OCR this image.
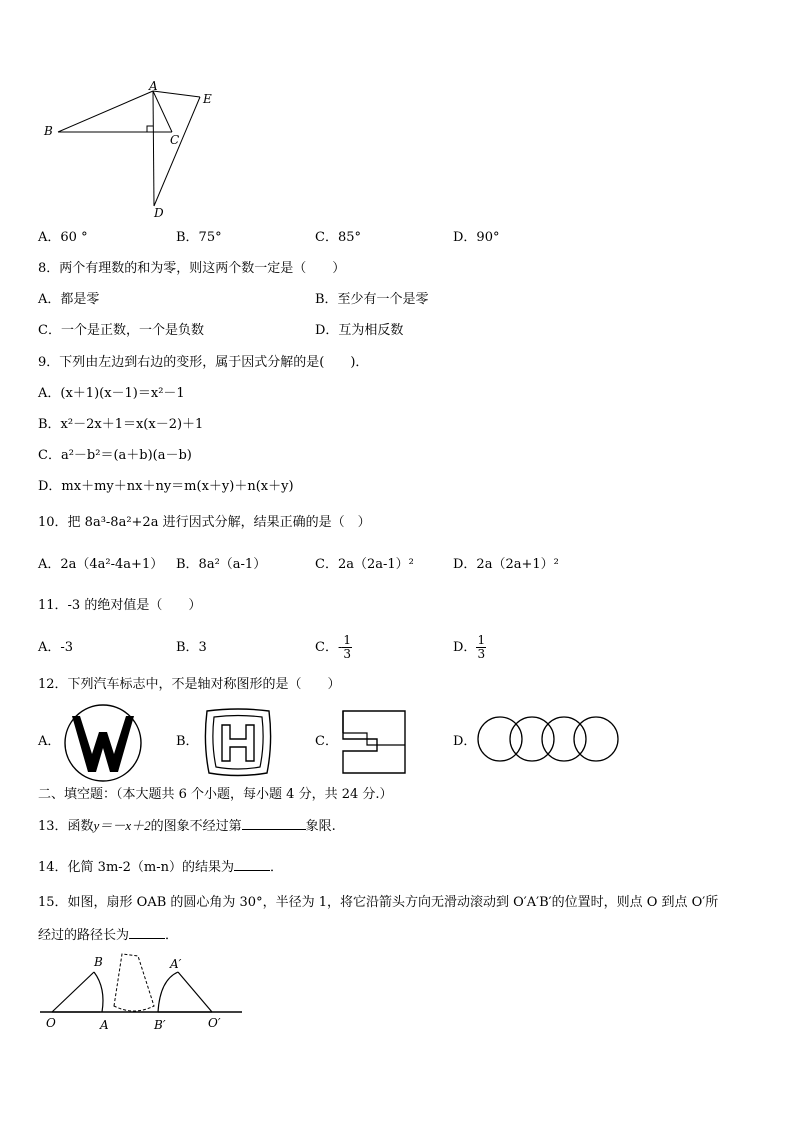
A
B
C
D
E
A．60 °	B．75°	C．85°	D．90°
8．两个有理数的和为零，则这两个数一定是（　　）
A．都是零	B．至少有一个是零
C．一个是正数，一个是负数	D．互为相反数
9．下列由左边到右边的变形，属于因式分解的是(　　)．
A．(x＋1)(x－1)＝x²－1
B．x²－2x＋1＝x(x－2)＋1
C．a²－b²＝(a＋b)(a－b)
D．mx＋my＋nx＋ny＝m(x＋y)＋n(x＋y)
10．把 8a³-8a²+2a 进行因式分解，结果正确的是（　）
A．2a（4a²-4a+1） B．8a²（a-1）	C．2a（2a-1）²	D．2a（2a+1）²
11．-3 的绝对值是（　　）
A．-3	B．3	C．- $\frac{1}{3}$	D． $\frac{1}{3}$
12．下列汽车标志中，不是轴对称图形的是（　　）
A．	B．	C．	D．
二、填空题：（本大题共 6 个小题，每小题 4 分，共 24 分.）
13．函数y＝－x＋2的图象不经过第	象限.
14．化简 3m-2（m-n）的结果为	．
15．如图，扇形 OAB 的圆心角为 30°，半径为 1，将它沿箭头方向无滑动滚动到 O′A′B′的位置时，则点 O 到点 O′所
经过的路径长为	．
O	A
B
B′
A′
O′
